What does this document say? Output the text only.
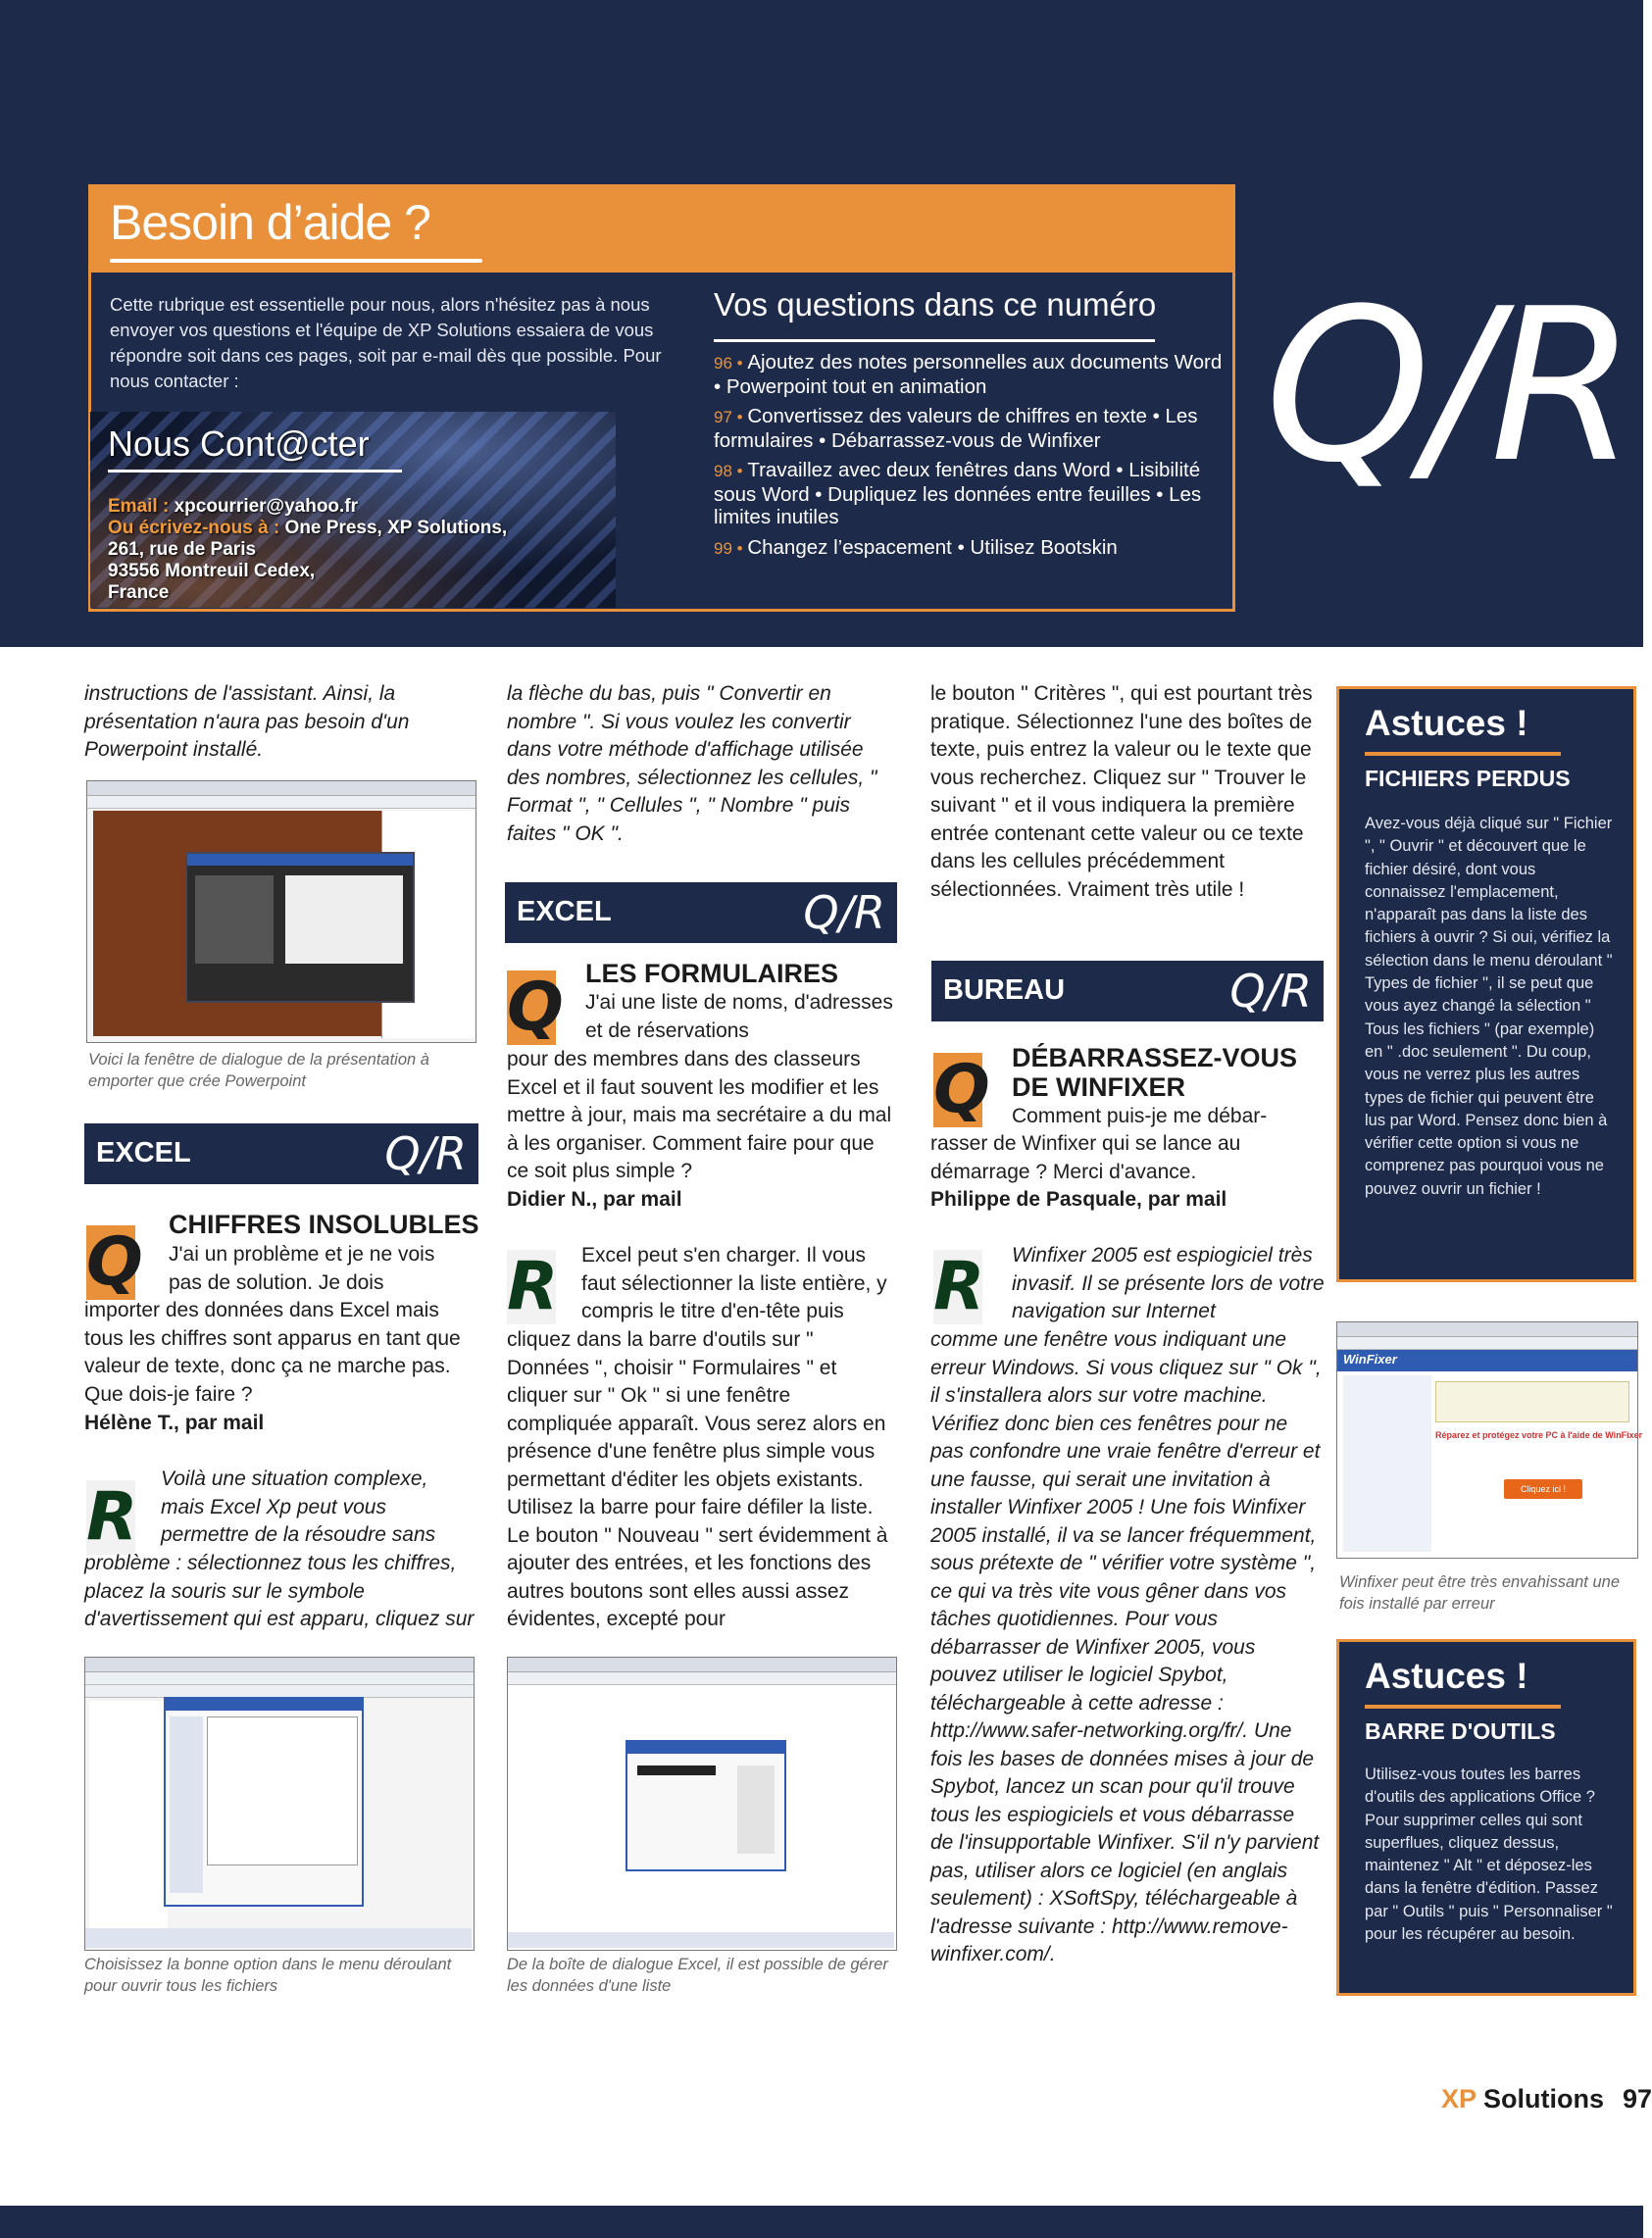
Besoin d’aide ?
Cette rubrique est essentielle pour nous, alors n'hésitez pas à nous envoyer vos questions et l'équipe de XP Solutions essaiera de vous répondre soit dans ces pages, soit par e-mail dès que possible. Pour nous contacter :
Nous Cont@cter
Email : xpcourrier@yahoo.fr
Ou écrivez-nous à : One Press, XP Solutions,
261, rue de Paris
93556 Montreuil Cedex,
France
Vos questions dans ce numéro
96 • Ajoutez des notes personnelles aux documents Word • Powerpoint tout en animation
97 • Convertissez des valeurs de chiffres en texte • Les formulaires • Débarrassez-vous de Winfixer
98 • Travaillez avec deux fenêtres dans Word • Lisibilité sous Word • Dupliquez les données entre feuilles • Les limites inutiles
99 • Changez l’espacement • Utilisez Bootskin
Q/R
instructions de l'assistant. Ainsi, la présentation n'aura pas besoin d'un Powerpoint installé.
Voici la fenêtre de dialogue de la présentation à emporter que crée Powerpoint
EXCEL	Q/R
Q CHIFFRES INSOLUBLES
J'ai un problème et je ne vois pas de solution. Je dois
importer des données dans Excel mais tous les chiffres sont apparus en tant que valeur de texte, donc ça ne marche pas. Que dois-je faire ?
Hélène T., par mail
R Voilà une situation complexe, mais Excel Xp peut vous permettre de la résoudre sans
problème : sélectionnez tous les chiffres, placez la souris sur le symbole d'avertissement qui est apparu, cliquez sur
Choisissez la bonne option dans le menu déroulant pour ouvrir tous les fichiers
la flèche du bas, puis " Convertir en nombre ". Si vous voulez les convertir dans votre méthode d'affichage utilisée des nombres, sélectionnez les cellules, " Format ", " Cellules ", " Nombre " puis faites " OK ".
EXCEL	Q/R
Q LES FORMULAIRES
J'ai une liste de noms, d'adresses et de réservations
pour des membres dans des classeurs Excel et il faut souvent les modifier et les mettre à jour, mais ma secrétaire a du mal à les organiser. Comment faire pour que ce soit plus simple ?
Didier N., par mail
R Excel peut s'en charger. Il vous faut sélectionner la liste entière, y compris le titre d'en-tête puis
cliquez dans la barre d'outils sur " Données ", choisir " Formulaires " et cliquer sur " Ok " si une fenêtre compliquée apparaît. Vous serez alors en présence d'une fenêtre plus simple vous permettant d'éditer les objets existants. Utilisez la barre pour faire défiler la liste. Le bouton " Nouveau " sert évidemment à ajouter des entrées, et les fonctions des autres boutons sont elles aussi assez évidentes, excepté pour
De la boîte de dialogue Excel, il est possible de gérer les données d'une liste
le bouton " Critères ", qui est pourtant très pratique. Sélectionnez l'une des boîtes de texte, puis entrez la valeur ou le texte que vous recherchez. Cliquez sur " Trouver le suivant " et il vous indiquera la première entrée contenant cette valeur ou ce texte dans les cellules précédemment sélectionnées. Vraiment très utile !
BUREAU	Q/R
Q DÉBARRASSEZ-VOUS
DE WINFIXER
Comment puis-je me débar-
rasser de Winfixer qui se lance au démarrage ? Merci d'avance.
Philippe de Pasquale, par mail
R Winfixer 2005 est espiogiciel très invasif. Il se présente lors de votre navigation sur Internet
comme une fenêtre vous indiquant une erreur Windows. Si vous cliquez sur " Ok ", il s'installera alors sur votre machine. Vérifiez donc bien ces fenêtres pour ne pas confondre une vraie fenêtre d'erreur et une fausse, qui serait une invitation à installer Winfixer 2005 ! Une fois Winfixer 2005 installé, il va se lancer fréquemment, sous prétexte de " vérifier votre système ", ce qui va très vite vous gêner dans vos tâches quotidiennes. Pour vous débarrasser de Winfixer 2005, vous pouvez utiliser le logiciel Spybot, téléchargeable à cette adresse : http://www.safer-networking.org/fr/. Une fois les bases de données mises à jour de Spybot, lancez un scan pour qu'il trouve tous les espiogiciels et vous débarrasse de l'insupportable Winfixer. S'il n'y parvient pas, utiliser alors ce logiciel (en anglais seulement) : XSoftSpy, téléchargeable à l'adresse suivante : http://www.remove-winfixer.com/.
Astuces !
FICHIERS PERDUS
Avez-vous déjà cliqué sur " Fichier ", " Ouvrir " et découvert que le fichier désiré, dont vous connaissez l'emplacement, n'apparaît pas dans la liste des fichiers à ouvrir ? Si oui, vérifiez la sélection dans le menu déroulant " Types de fichier ", il se peut que vous ayez changé la sélection " Tous les fichiers " (par exemple) en " .doc seulement ". Du coup, vous ne verrez plus les autres types de fichier qui peuvent être lus par Word. Pensez donc bien à vérifier cette option si vous ne comprenez pas pourquoi vous ne pouvez ouvrir un fichier !
WinFixer
Réparez et protégez votre PC à l'aide de WinFixer
Cliquez ici !
Winfixer peut être très envahissant une fois installé par erreur
Astuces !
BARRE D'OUTILS
Utilisez-vous toutes les barres d'outils des applications Office ? Pour supprimer celles qui sont superflues, cliquez dessus, maintenez " Alt " et déposez-les dans la fenêtre d'édition. Passez par " Outils " puis " Personnaliser " pour les récupérer au besoin.
XP Solutions 97
